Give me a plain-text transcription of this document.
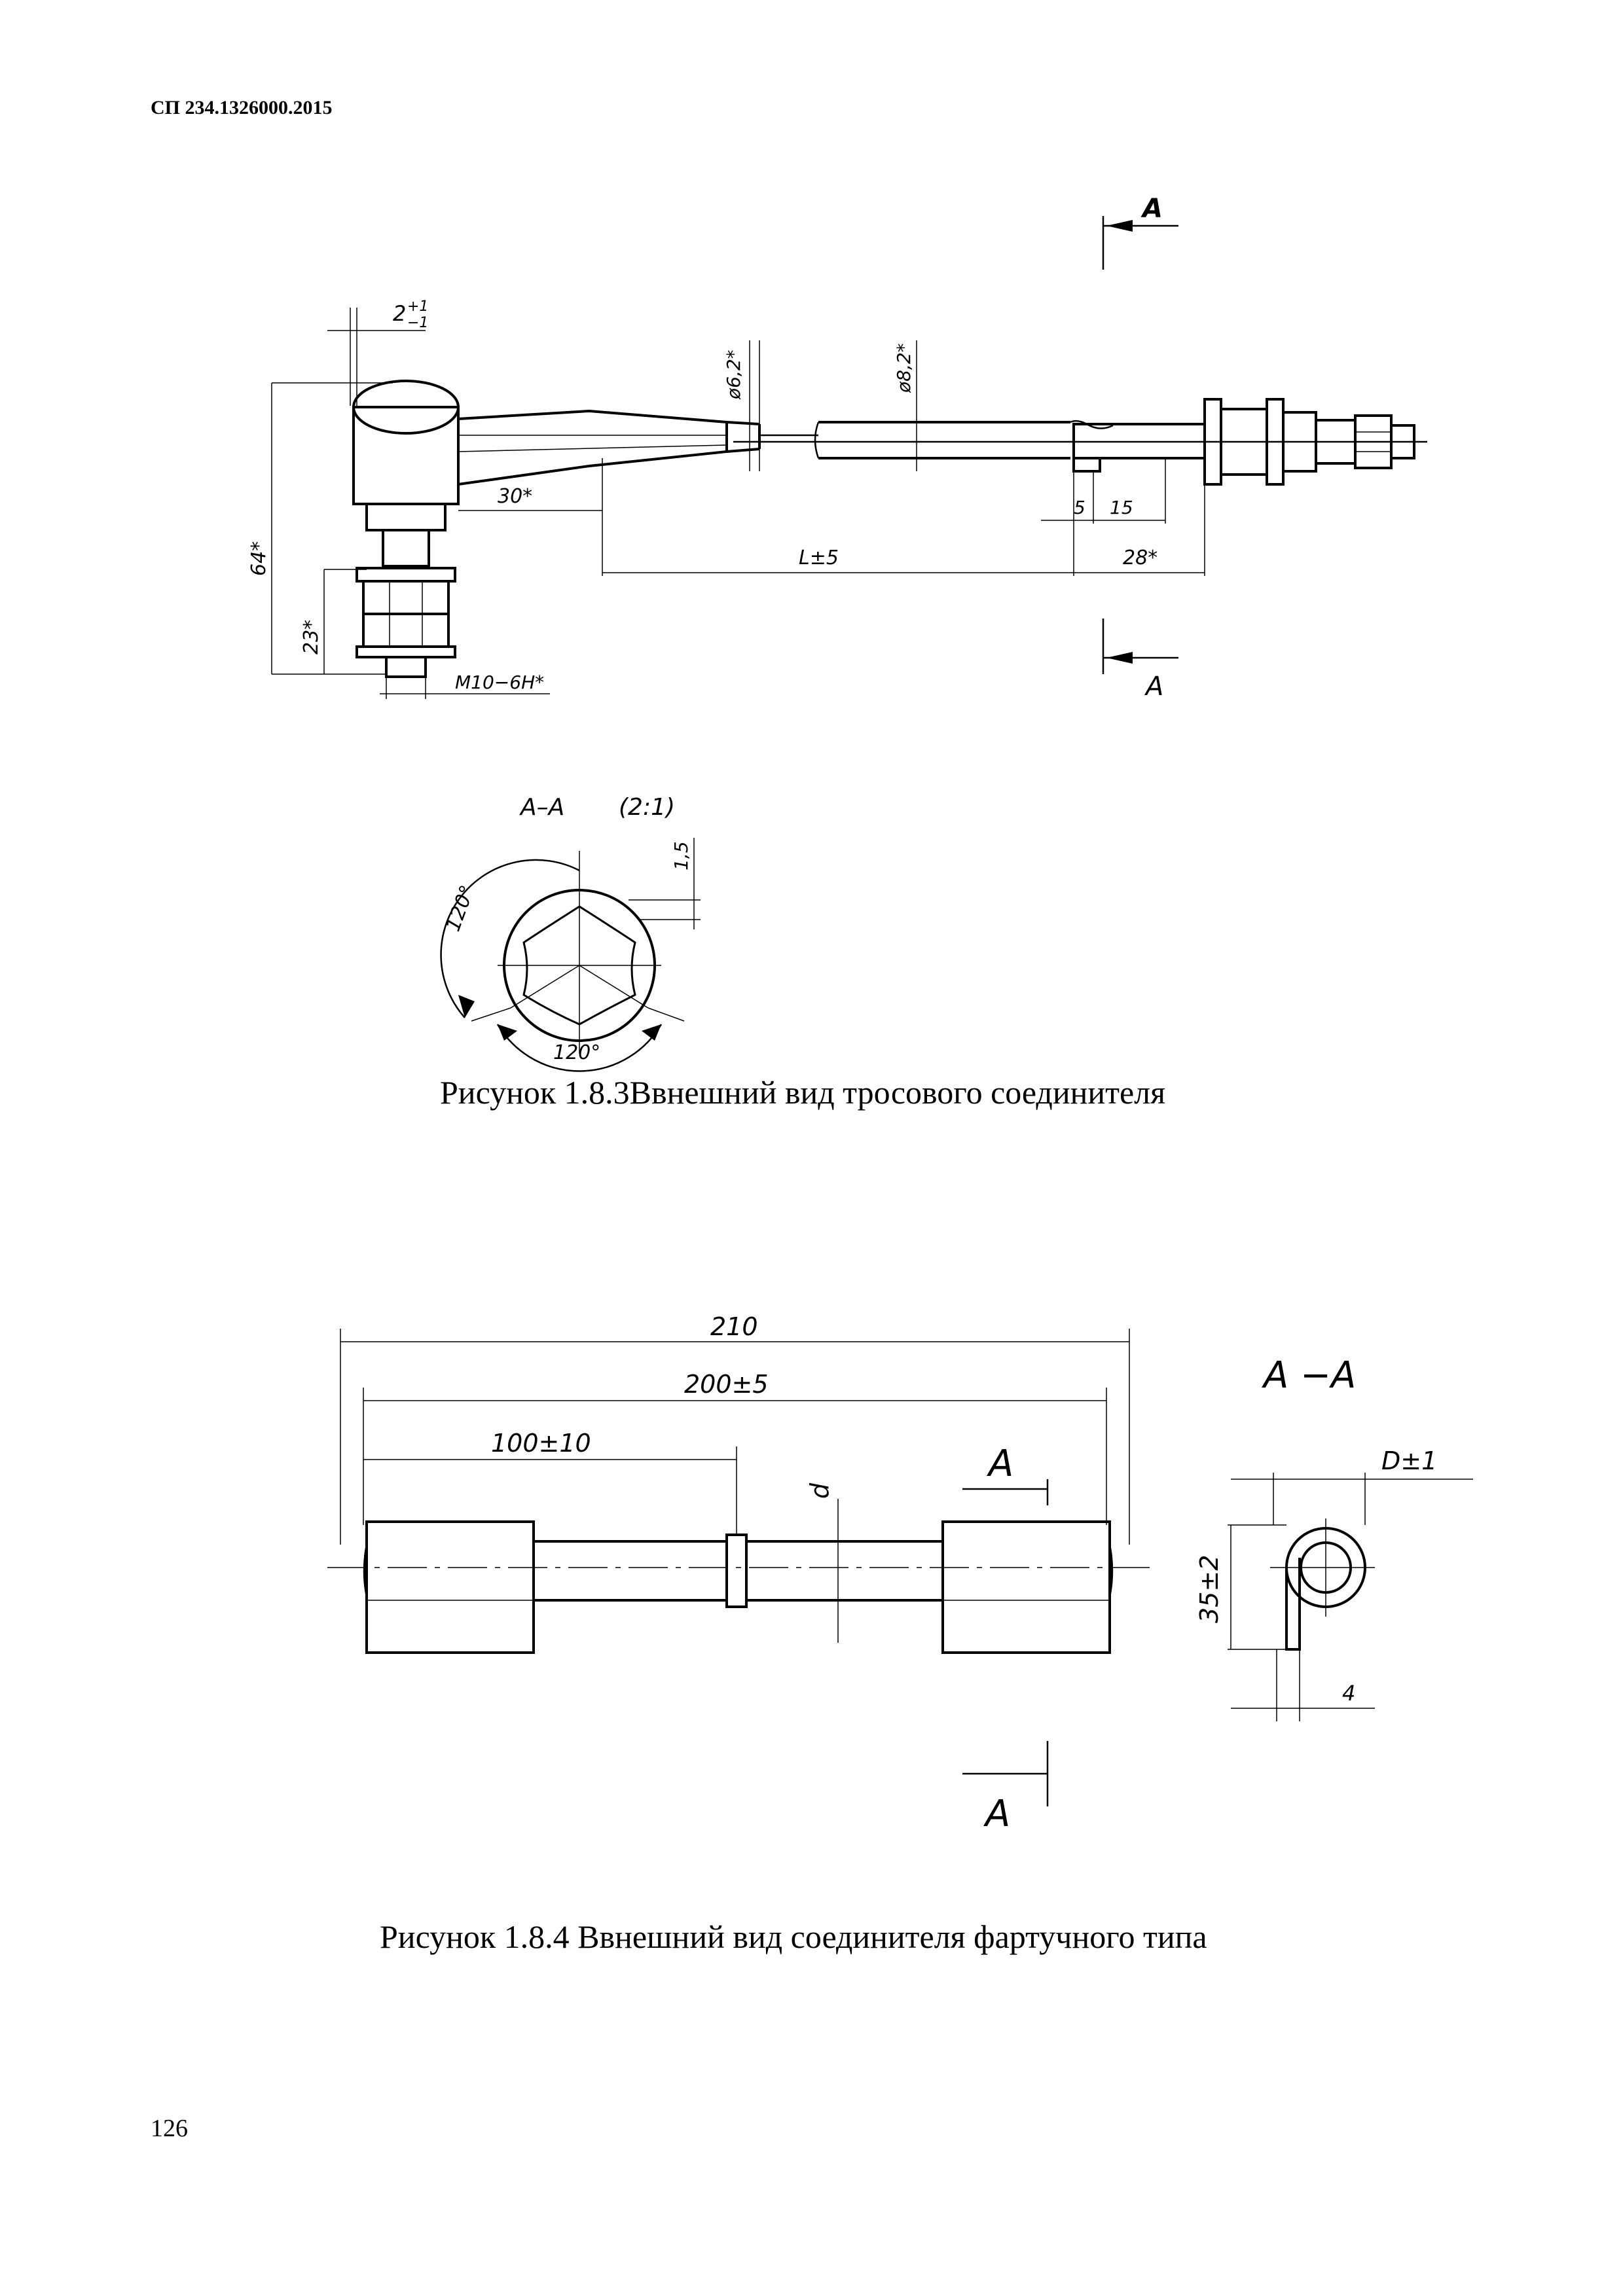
СП 234.1326000.2015
A
A
2 +1
−1
64*
23*
M10−6H*
30*
ø6,2*	ø8,2*
L±5
5 15
28*
A–A (2:1)
120°
120°
1,5
210
200±5
100±10
d
A
A
A −A
D±1
35±2
4
Рисунок 1.8.3Ввнешний вид тросового соединителя
Рисунок 1.8.4 Ввнешний вид соединителя фартучного типа
126
